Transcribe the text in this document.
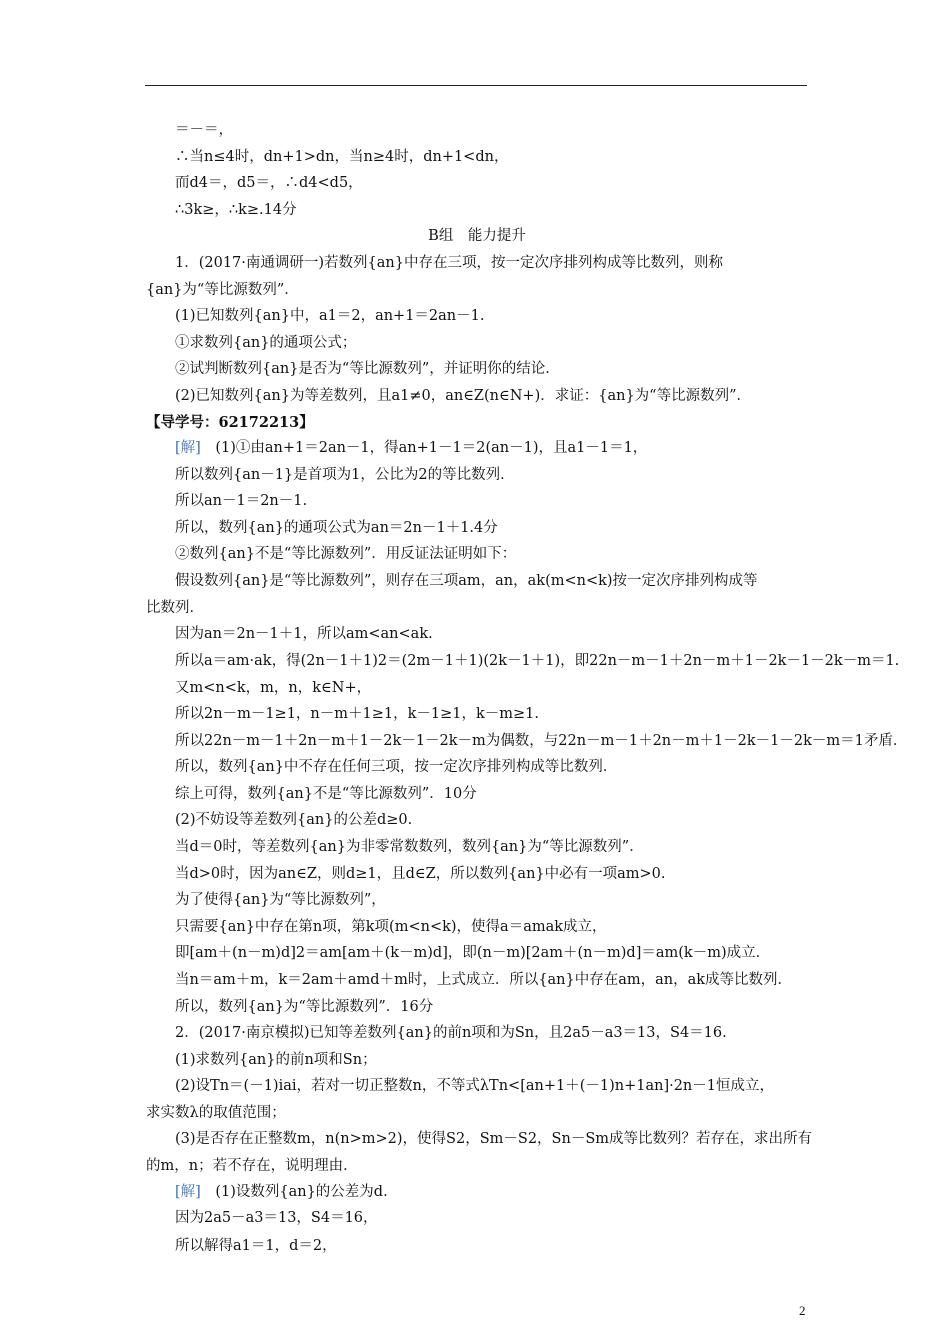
＝－＝，
∴当n≤4时，dn+1>dn，当n≥4时，dn+1<dn，
而d4＝，d5＝，∴d4<d5，
∴3k≥，∴k≥.14分
B组　能力提升
1．(2017·南通调研一)若数列{an}中存在三项，按一定次序排列构成等比数列，则称
{an}为“等比源数列”．
(1)已知数列{an}中，a1＝2，an+1＝2an－1.
①求数列{an}的通项公式；
②试判断数列{an}是否为“等比源数列”，并证明你的结论．
(2)已知数列{an}为等差数列，且a1≠0，an∈Z(n∈N+)．求证：{an}为“等比源数列”．
【导学号：62172213】
[解]  (1)①由an+1＝2an－1，得an+1－1＝2(an－1)，且a1－1＝1，
所以数列{an－1}是首项为1，公比为2的等比数列．
所以an－1＝2n－1.
所以，数列{an}的通项公式为an＝2n－1＋1.4分
②数列{an}不是“等比源数列”．用反证法证明如下：
假设数列{an}是“等比源数列”，则存在三项am，an，ak(m<n<k)按一定次序排列构成等
比数列．
因为an＝2n－1＋1，所以am<an<ak.
所以a＝am·ak，得(2n－1＋1)2＝(2m－1＋1)(2k－1＋1)，即22n－m－1＋2n－m＋1－2k－1－2k－m＝1.
又m<n<k，m，n，k∈N+，
所以2n－m－1≥1，n－m＋1≥1，k－1≥1，k－m≥1.
所以22n－m－1＋2n－m＋1－2k－1－2k－m为偶数，与22n－m－1＋2n－m＋1－2k－1－2k－m＝1矛盾．
所以，数列{an}中不存在任何三项，按一定次序排列构成等比数列．
综上可得，数列{an}不是“等比源数列”．10分
(2)不妨设等差数列{an}的公差d≥0.
当d＝0时，等差数列{an}为非零常数数列，数列{an}为“等比源数列”．
当d>0时，因为an∈Z，则d≥1，且d∈Z，所以数列{an}中必有一项am>0.
为了使得{an}为“等比源数列”，
只需要{an}中存在第n项，第k项(m<n<k)，使得a＝amak成立，
即[am＋(n－m)d]2＝am[am＋(k－m)d]，即(n－m)[2am＋(n－m)d]＝am(k－m)成立．
当n＝am＋m，k＝2am＋amd＋m时，上式成立．所以{an}中存在am，an，ak成等比数列．
所以，数列{an}为“等比源数列”．16分
2．(2017·南京模拟)已知等差数列{an}的前n项和为Sn，且2a5－a3＝13，S4＝16.
(1)求数列{an}的前n项和Sn；
(2)设Tn＝(－1)iai，若对一切正整数n，不等式λTn<[an+1＋(－1)n+1an]·2n－1恒成立，
求实数λ的取值范围；
(3)是否存在正整数m，n(n>m>2)，使得S2，Sm－S2，Sn－Sm成等比数列？若存在，求出所有
的m，n；若不存在，说明理由．
[解]  (1)设数列{an}的公差为d.
因为2a5－a3＝13，S4＝16，
所以解得a1＝1，d＝2，
2
